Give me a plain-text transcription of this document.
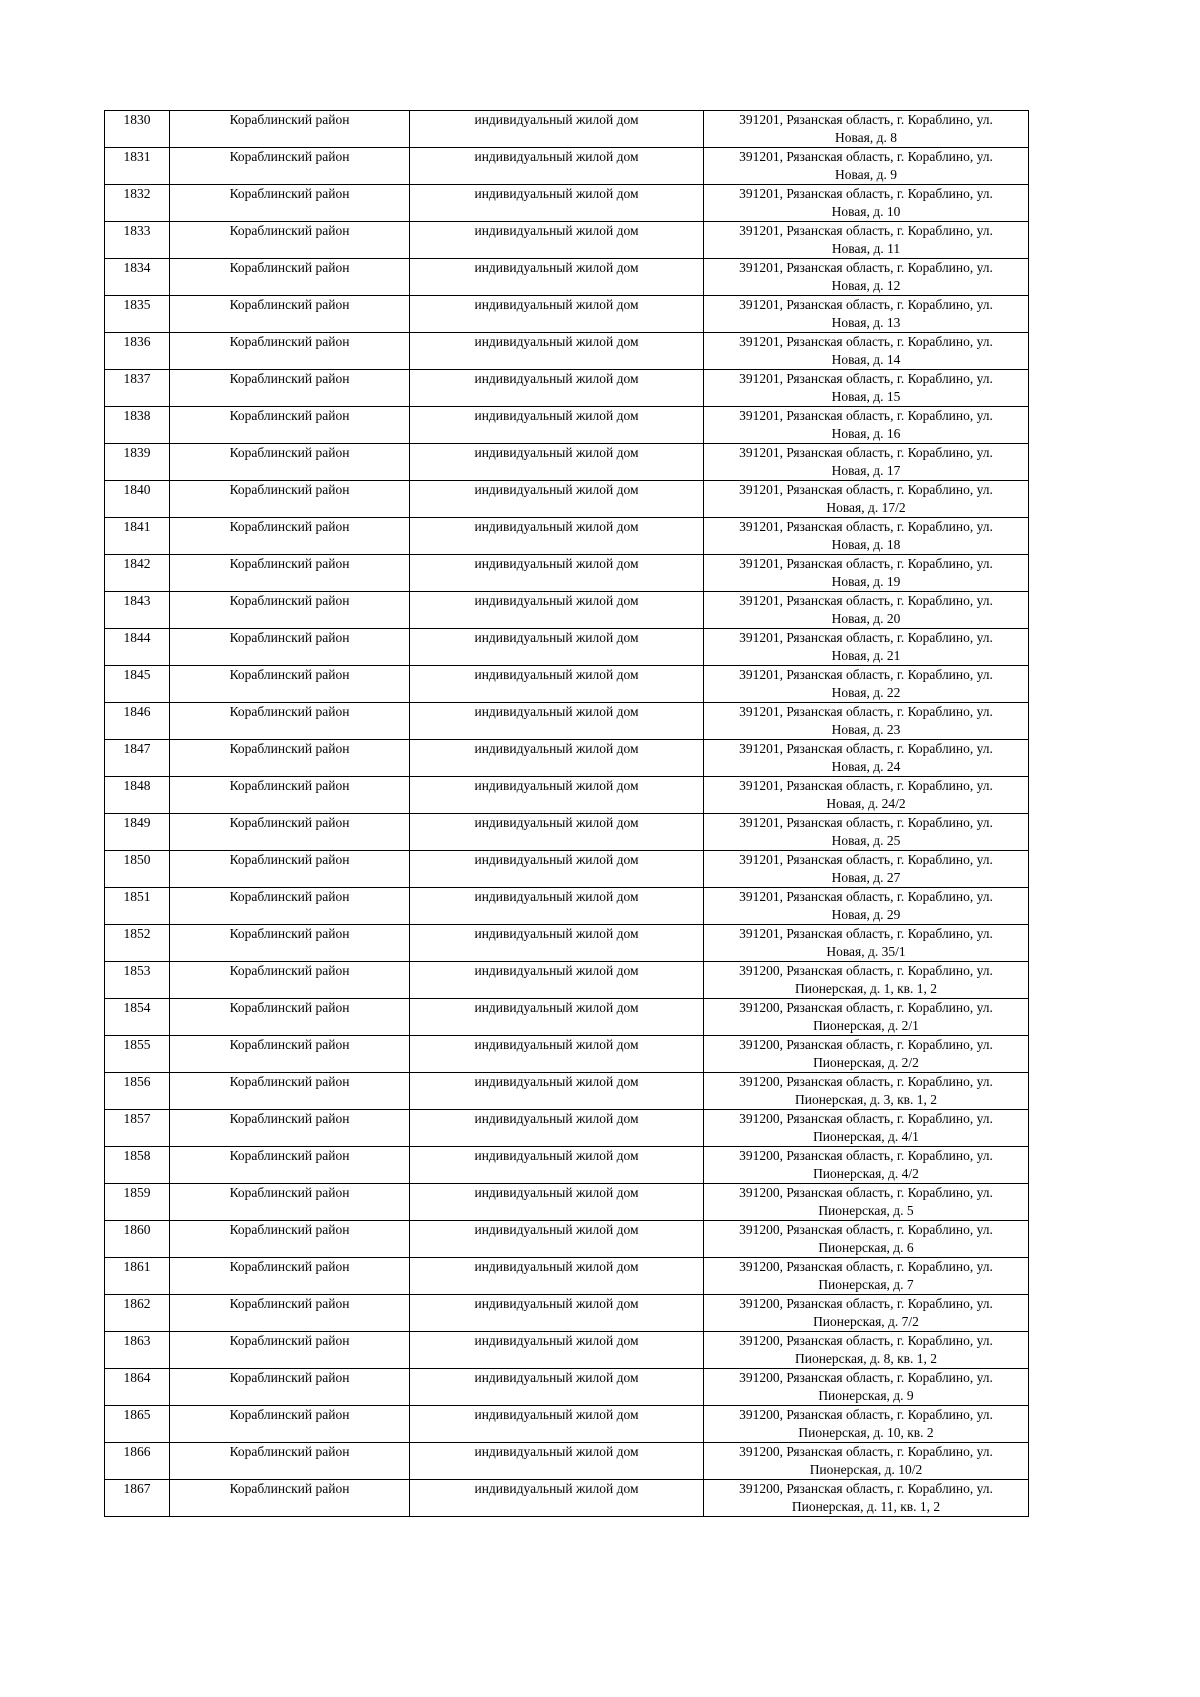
1830	Кораблинский район	индивидуальный жилой дом	391201, Рязанская область, г. Кораблино, ул.
Новая, д. 8

1831	Кораблинский район	индивидуальный жилой дом	391201, Рязанская область, г. Кораблино, ул.
Новая, д. 9

1832	Кораблинский район	индивидуальный жилой дом	391201, Рязанская область, г. Кораблино, ул.
Новая, д. 10

1833	Кораблинский район	индивидуальный жилой дом	391201, Рязанская область, г. Кораблино, ул.
Новая, д. 11

1834	Кораблинский район	индивидуальный жилой дом	391201, Рязанская область, г. Кораблино, ул.
Новая, д. 12

1835	Кораблинский район	индивидуальный жилой дом	391201, Рязанская область, г. Кораблино, ул.
Новая, д. 13

1836	Кораблинский район	индивидуальный жилой дом	391201, Рязанская область, г. Кораблино, ул.
Новая, д. 14

1837	Кораблинский район	индивидуальный жилой дом	391201, Рязанская область, г. Кораблино, ул.
Новая, д. 15

1838	Кораблинский район	индивидуальный жилой дом	391201, Рязанская область, г. Кораблино, ул.
Новая, д. 16

1839	Кораблинский район	индивидуальный жилой дом	391201, Рязанская область, г. Кораблино, ул.
Новая, д. 17

1840	Кораблинский район	индивидуальный жилой дом	391201, Рязанская область, г. Кораблино, ул.
Новая, д. 17/2

1841	Кораблинский район	индивидуальный жилой дом	391201, Рязанская область, г. Кораблино, ул.
Новая, д. 18

1842	Кораблинский район	индивидуальный жилой дом	391201, Рязанская область, г. Кораблино, ул.
Новая, д. 19

1843	Кораблинский район	индивидуальный жилой дом	391201, Рязанская область, г. Кораблино, ул.
Новая, д. 20

1844	Кораблинский район	индивидуальный жилой дом	391201, Рязанская область, г. Кораблино, ул.
Новая, д. 21

1845	Кораблинский район	индивидуальный жилой дом	391201, Рязанская область, г. Кораблино, ул.
Новая, д. 22

1846	Кораблинский район	индивидуальный жилой дом	391201, Рязанская область, г. Кораблино, ул.
Новая, д. 23

1847	Кораблинский район	индивидуальный жилой дом	391201, Рязанская область, г. Кораблино, ул.
Новая, д. 24

1848	Кораблинский район	индивидуальный жилой дом	391201, Рязанская область, г. Кораблино, ул.
Новая, д. 24/2

1849	Кораблинский район	индивидуальный жилой дом	391201, Рязанская область, г. Кораблино, ул.
Новая, д. 25

1850	Кораблинский район	индивидуальный жилой дом	391201, Рязанская область, г. Кораблино, ул.
Новая, д. 27

1851	Кораблинский район	индивидуальный жилой дом	391201, Рязанская область, г. Кораблино, ул.
Новая, д. 29

1852	Кораблинский район	индивидуальный жилой дом	391201, Рязанская область, г. Кораблино, ул.
Новая, д. 35/1

1853	Кораблинский район	индивидуальный жилой дом	391200, Рязанская область, г. Кораблино, ул.
Пионерская, д. 1, кв. 1, 2

1854	Кораблинский район	индивидуальный жилой дом	391200, Рязанская область, г. Кораблино, ул.
Пионерская, д. 2/1

1855	Кораблинский район	индивидуальный жилой дом	391200, Рязанская область, г. Кораблино, ул.
Пионерская, д. 2/2

1856	Кораблинский район	индивидуальный жилой дом	391200, Рязанская область, г. Кораблино, ул.
Пионерская, д. 3, кв. 1, 2

1857	Кораблинский район	индивидуальный жилой дом	391200, Рязанская область, г. Кораблино, ул.
Пионерская, д. 4/1

1858	Кораблинский район	индивидуальный жилой дом	391200, Рязанская область, г. Кораблино, ул.
Пионерская, д. 4/2

1859	Кораблинский район	индивидуальный жилой дом	391200, Рязанская область, г. Кораблино, ул.
Пионерская, д. 5

1860	Кораблинский район	индивидуальный жилой дом	391200, Рязанская область, г. Кораблино, ул.
Пионерская, д. 6

1861	Кораблинский район	индивидуальный жилой дом	391200, Рязанская область, г. Кораблино, ул.
Пионерская, д. 7

1862	Кораблинский район	индивидуальный жилой дом	391200, Рязанская область, г. Кораблино, ул.
Пионерская, д. 7/2

1863	Кораблинский район	индивидуальный жилой дом	391200, Рязанская область, г. Кораблино, ул.
Пионерская, д. 8, кв. 1, 2

1864	Кораблинский район	индивидуальный жилой дом	391200, Рязанская область, г. Кораблино, ул.
Пионерская, д. 9

1865	Кораблинский район	индивидуальный жилой дом	391200, Рязанская область, г. Кораблино, ул.
Пионерская, д. 10, кв. 2

1866	Кораблинский район	индивидуальный жилой дом	391200, Рязанская область, г. Кораблино, ул.
Пионерская, д. 10/2

1867	Кораблинский район	индивидуальный жилой дом	391200, Рязанская область, г. Кораблино, ул.
Пионерская, д. 11, кв. 1, 2
